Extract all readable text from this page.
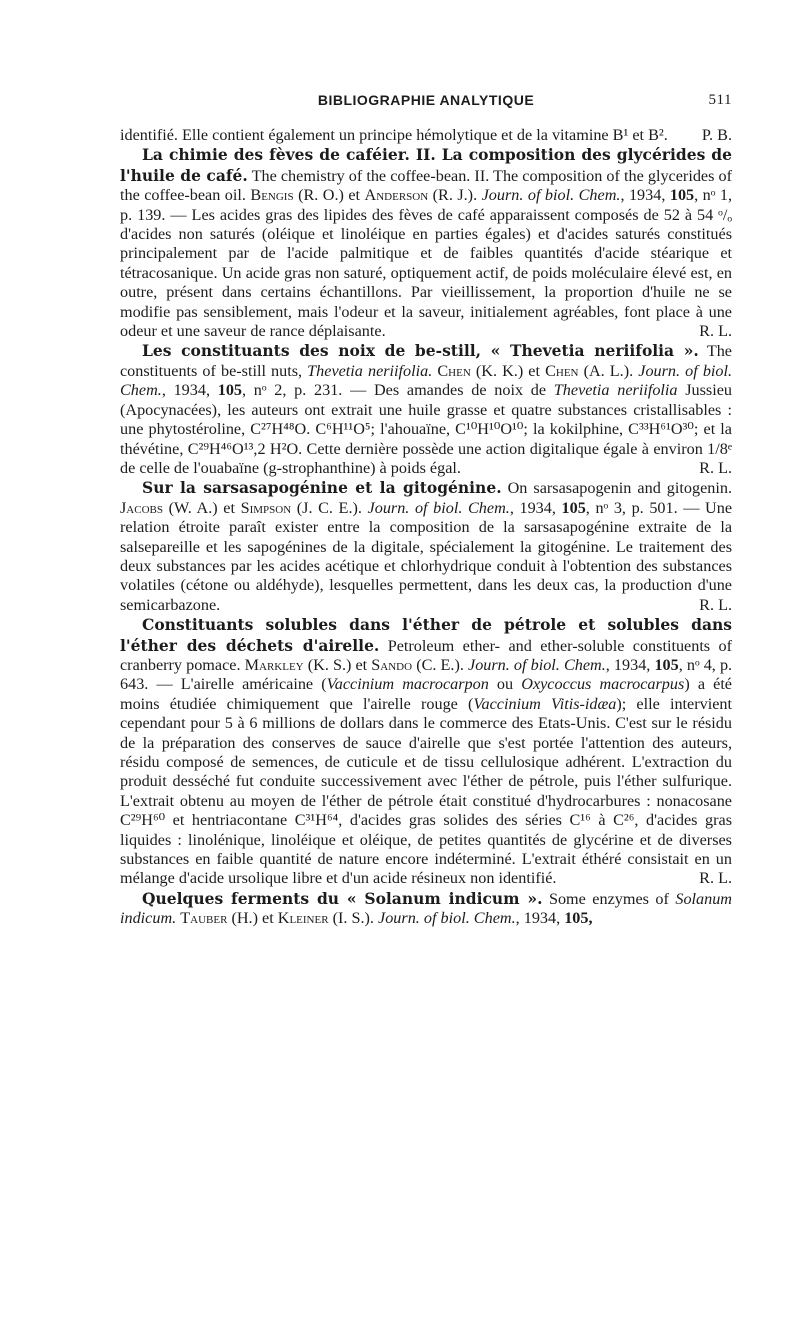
BIBLIOGRAPHIE ANALYTIQUE	511

identifié. Elle contient également un principe hémolytique et de la vitamine B¹ et B². P. B.

La chimie des fèves de caféier. II. La composition des glycérides de l'huile de café. The chemistry of the coffee-bean. II. The composition of the glycerides of the coffee-bean oil. Bengis (R. O.) et Anderson (R. J.). Journ. of biol. Chem., 1934, 105, nᵒ 1, p. 139. — Les acides gras des lipides des fèves de café apparaissent composés de 52 à 54 ᵒ/ₒ d'acides non saturés (oléique et linoléique en parties égales) et d'acides saturés constitués principalement par de l'acide palmitique et de faibles quantités d'acide stéarique et tétracosanique. Un acide gras non saturé, optiquement actif, de poids moléculaire élevé est, en outre, présent dans certains échantillons. Par vieillissement, la proportion d'huile ne se modifie pas sensiblement, mais l'odeur et la saveur, initialement agréables, font place à une odeur et une saveur de rance déplaisante.	R. L.

Les constituants des noix de be-still, « Thevetia neriifolia ». The constituents of be-still nuts, Thevetia neriifolia. Chen (K. K.) et Chen (A. L.). Journ. of biol. Chem., 1934, 105, nᵒ 2, p. 231. — Des amandes de noix de Thevetia neriifolia Jussieu (Apocynacées), les auteurs ont extrait une huile grasse et quatre substances cristallisables : une phytostéroline, C²⁷H⁴⁸O. C⁶H¹¹O⁵; l'ahouaïne, C¹⁰H¹⁰O¹⁰; la kokilphine, C³³H⁶¹O³⁰; et la thévétine, C²⁹H⁴⁶O¹³,2 H²O. Cette dernière possède une action digitalique égale à environ 1/8ᵉ de celle de l'ouabaïne (g-strophanthine) à poids égal.	R. L.

Sur la sarsasapogénine et la gitogénine. On sarsasapogenin and gitogenin. Jacobs (W. A.) et Simpson (J. C. E.). Journ. of biol. Chem., 1934, 105, nᵒ 3, p. 501. — Une relation étroite paraît exister entre la composition de la sarsasapogénine extraite de la salsepareille et les sapogénines de la digitale, spécialement la gitogénine. Le traitement des deux substances par les acides acétique et chlorhydrique conduit à l'obtention des substances volatiles (cétone ou aldéhyde), lesquelles permettent, dans les deux cas, la production d'une semicarbazone.	R. L.

Constituants solubles dans l'éther de pétrole et solubles dans l'éther des déchets d'airelle. Petroleum ether- and ether-soluble constituents of cranberry pomace. Markley (K. S.) et Sando (C. E.). Journ. of biol. Chem., 1934, 105, nᵒ 4, p. 643. — L'airelle américaine (Vaccinium macrocarpon ou Oxycoccus macrocarpus) a été moins étudiée chimiquement que l'airelle rouge (Vaccinium Vitis-idæa); elle intervient cependant pour 5 à 6 millions de dollars dans le commerce des Etats-Unis. C'est sur le résidu de la préparation des conserves de sauce d'airelle que s'est portée l'attention des auteurs, résidu composé de semences, de cuticule et de tissu cellulosique adhérent. L'extraction du produit desséché fut conduite successivement avec l'éther de pétrole, puis l'éther sulfurique. L'extrait obtenu au moyen de l'éther de pétrole était constitué d'hydrocarbures : nonacosane C²⁹H⁶⁰ et hentriacontane C³¹H⁶⁴, d'acides gras solides des séries C¹⁶ à C²⁶, d'acides gras liquides : linolénique, linoléique et oléique, de petites quantités de glycérine et de diverses substances en faible quantité de nature encore indéterminé. L'extrait éthéré consistait en un mélange d'acide ursolique libre et d'un acide résineux non identifié.	R. L.

Quelques ferments du « Solanum indicum ». Some enzymes of Solanum indicum. Tauber (H.) et Kleiner (I. S.). Journ. of biol. Chem., 1934, 105,
